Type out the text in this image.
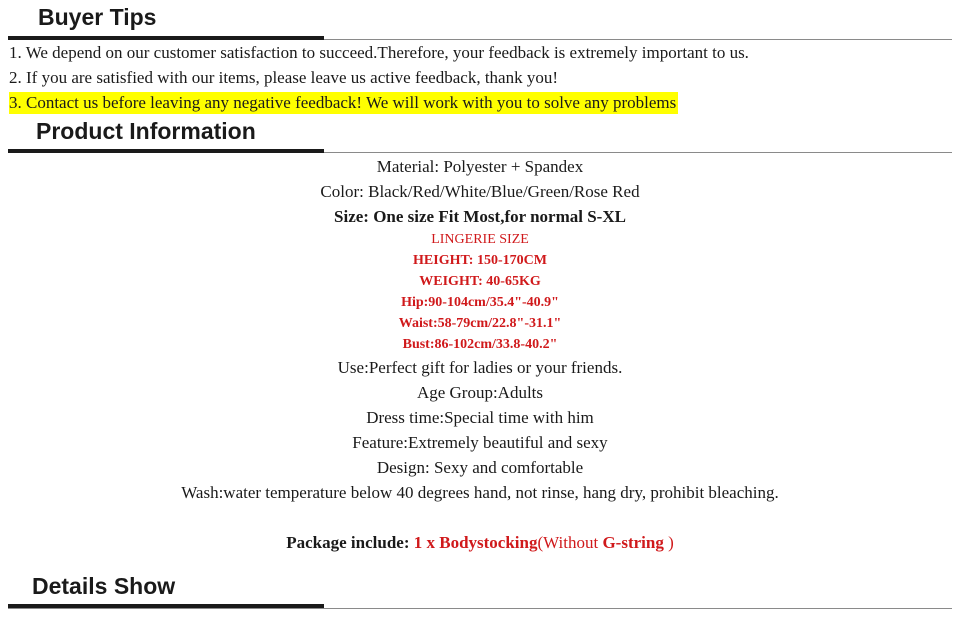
Buyer Tips
1. We depend on our customer satisfaction to succeed.Therefore, your feedback is extremely important to us.
2. If you are satisfied with our items, please leave us active feedback, thank you!
3. Contact us before leaving any negative feedback! We will work with you to solve any problems
Product Information
Material: Polyester + Spandex
Color: Black/Red/White/Blue/Green/Rose Red
Size: One size Fit Most,for normal S-XL
LINGERIE SIZE
HEIGHT: 150-170CM
WEIGHT: 40-65KG
Hip:90-104cm/35.4"-40.9"
Waist:58-79cm/22.8"-31.1"
Bust:86-102cm/33.8-40.2"
Use:Perfect gift for ladies or your friends.
Age Group:Adults
Dress time:Special time with him
Feature:Extremely beautiful and sexy
Design: Sexy and comfortable
Wash:water temperature below 40 degrees hand, not rinse, hang dry, prohibit bleaching.
Package include: 1 x Bodystocking(Without G-string )
Details Show
